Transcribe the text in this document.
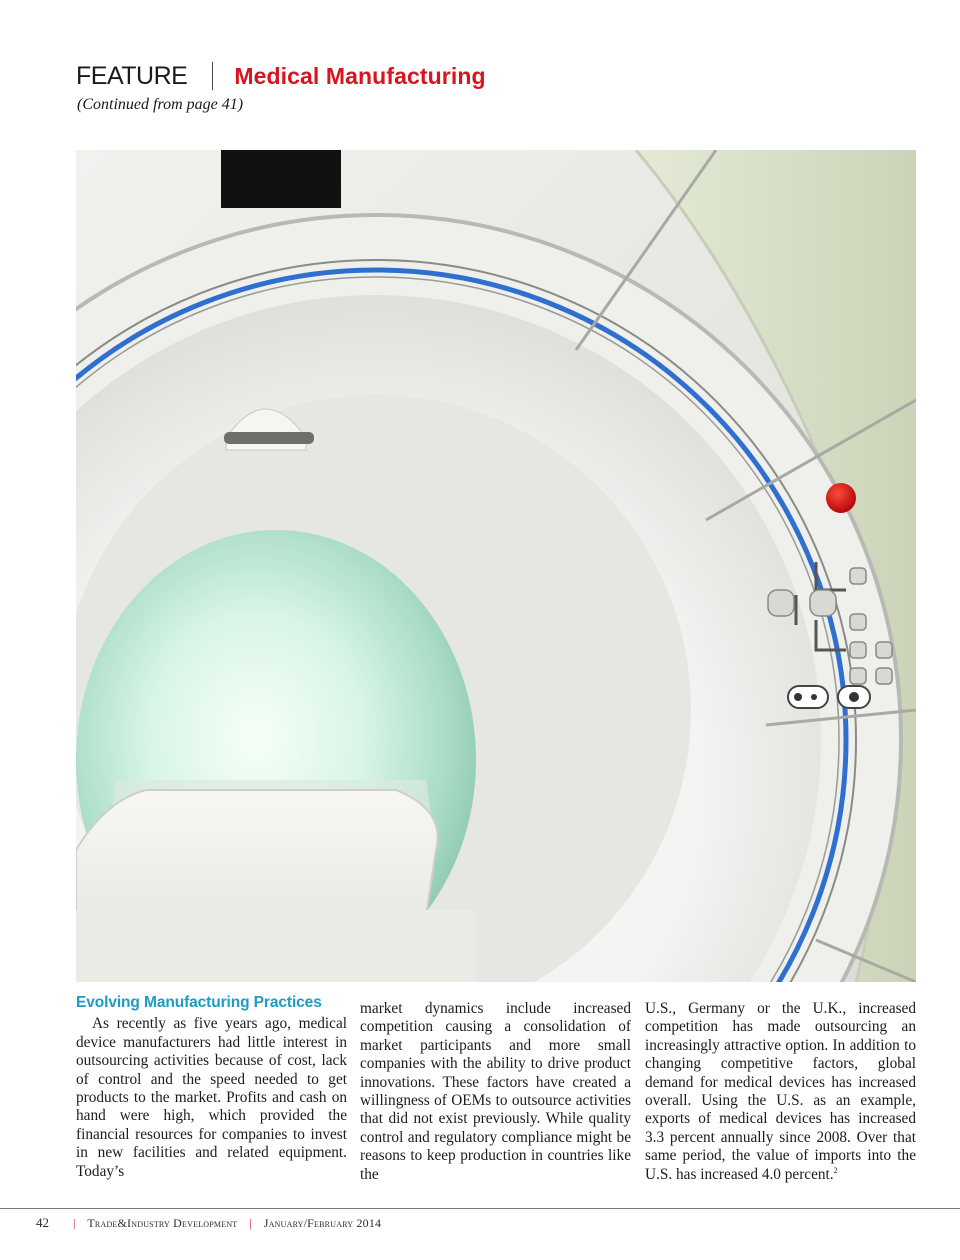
FEATURE Medical Manufacturing
(Continued from page 41)
Evolving Manufacturing Practices

As recently as five years ago, medical device manufacturers had little interest in outsourcing activities because of cost, lack of control and the speed needed to get products to the market. Profits and cash on hand were high, which provided the financial resources for companies to invest in new facilities and related equipment. Today’s

market dynamics include increased competition causing a consolidation of market participants and more small companies with the ability to drive product innovations. These factors have created a willingness of OEMs to outsource activities that did not exist previously. While quality control and regulatory compliance might be reasons to keep production in countries like the

U.S., Germany or the U.K., increased competition has made outsourcing an increasingly attractive option. In addition to changing competitive factors, global demand for medical devices has increased overall. Using the U.S. as an example, exports of medical devices has increased 3.3 percent annually since 2008. Over that same period, the value of imports into the U.S. has increased 4.0 percent.$^2$

42 | Trade&Industry Development | January/February 2014
